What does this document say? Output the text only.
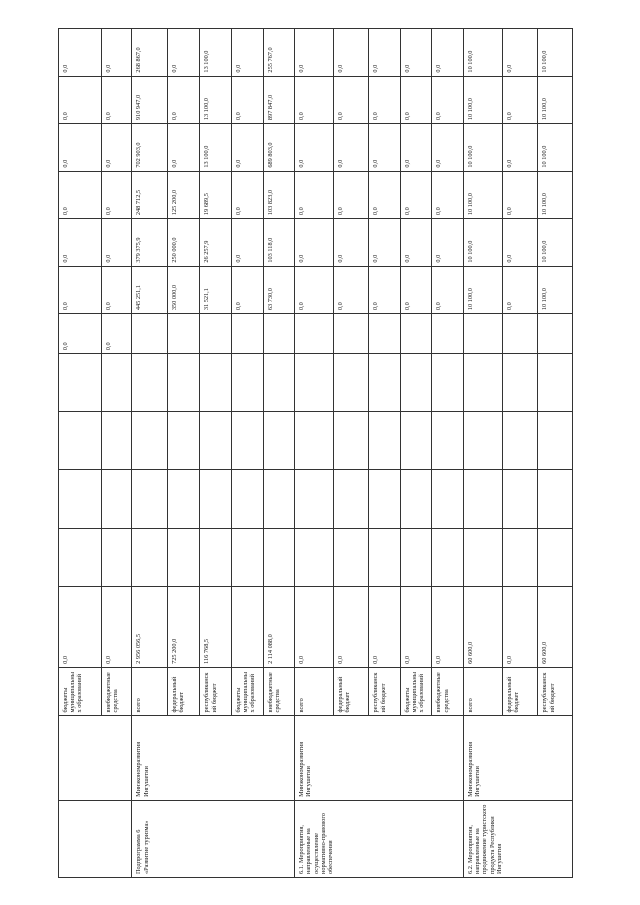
		бюджеты муниципальных образований	0,0					0,0	0,0	0,0	0,0	0,0	0,0	0,0
		внебюджетные средства	0,0					0,0	0,0	0,0	0,0	0,0	0,0	0,0
Подпрограмма 6 «Развитие туризма»	Минэкономразвития Ингушетии	всего	2 956 056,5						445 251,1	379 375,9	248 712,5	702 903,0	910 947,0	268 867,0
		федеральный бюджет	725 200,0						350 000,0	250 000,0	125 200,0	0,0	0,0	0,0
		республиканский бюджет	116 768,5						31 521,1	26 257,9	19 689,5	13 100,0	13 100,0	13 100,0
		бюджеты муниципальных образований							0,0	0,0	0,0	0,0	0,0	0,0
		внебюджетные средства	2 114 088,0						63 730,0	103 118,0	103 823,0	689 803,0	897 847,0	255 767,0
6.1. Мероприятия, направленные на осуществление нормативно-правового обеспечения	Минэкономразвития Ингушетии	всего	0,0						0,0	0,0	0,0	0,0	0,0	0,0
		федеральный бюджет	0,0						0,0	0,0	0,0	0,0	0,0	0,0
		республиканский бюджет	0,0						0,0	0,0	0,0	0,0	0,0	0,0
		бюджеты муниципальных образований	0,0						0,0	0,0	0,0	0,0	0,0	0,0
		внебюджетные средства	0,0						0,0	0,0	0,0	0,0	0,0	0,0
6.2. Мероприятия, направленные на продвижение туристского продукта Республики Ингушетия	Минэкономразвития Ингушетии	всего	60 600,0						10 100,0	10 100,0	10 100,0	10 100,0	10 100,0	10 100,0
		федеральный бюджет	0,0						0,0	0,0	0,0	0,0	0,0	0,0
		республиканский бюджет	60 600,0						10 100,0	10 100,0	10 100,0	10 100,0	10 100,0	10 100,0
